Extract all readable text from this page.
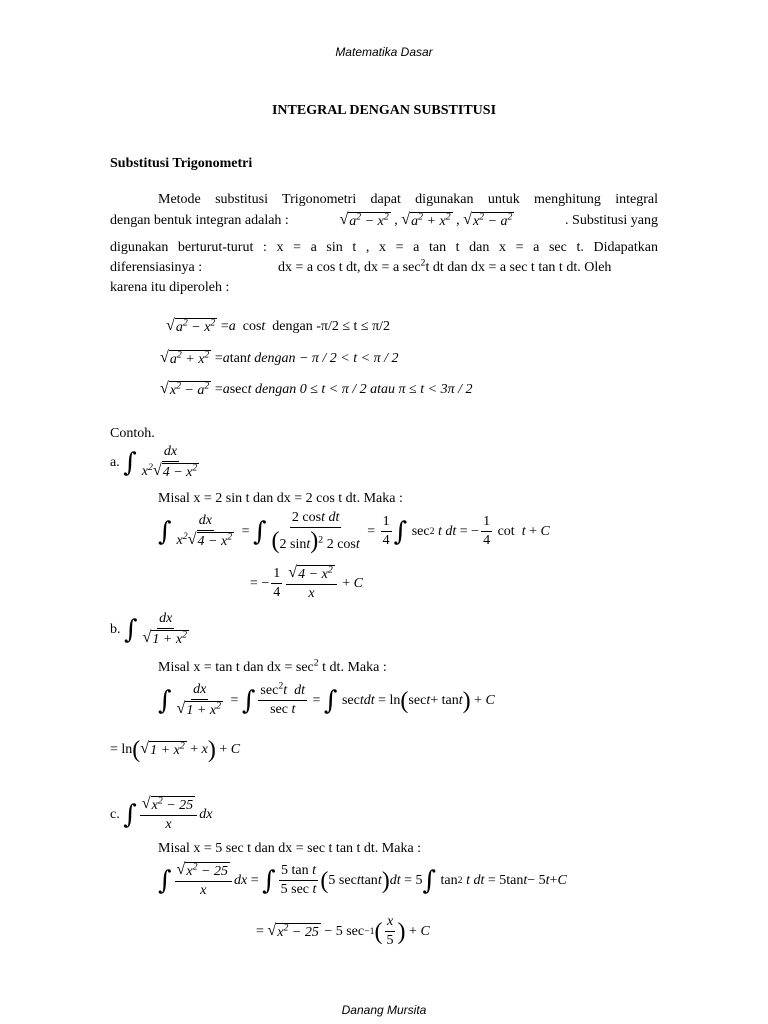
Matematika Dasar
INTEGRAL DENGAN SUBSTITUSI
Substitusi Trigonometri
Metode substitusi Trigonometri dapat digunakan untuk menghitung integral
dengan bentuk integran adalah :	√ $a^2 - x^2$ , √ $a^2 + x^2$ , √ $x^2 - a^2$	. Substitusi yang
digunakan berturut-turut : x = a sin t , x = a tan t dan x = a sec t. Didapatkan
diferensiasinya :	dx = a cos t dt, dx = a $\sec^2t$ dt dan dx = a sec t tan t dt. Oleh
karena itu diperoleh :
√ $a^2 - x^2 = a$ cos t dengan -π/2 ≤ t ≤ π/2
√ $a^2 + x^2 = a$ tan t dengan − π / 2 < t < π / 2
√ $x^2 - a^2 = a$ sec t dengan 0 ≤ t < π / 2 atau π ≤ t < 3π / 2
Contoh.
a.
∫ $\frac{dx}{x^2 √ 4 - x^2}$
Misal x = 2 sin t dan dx = 2 cos t dt. Maka :
∫ $\frac{dx}{x^2 √ 4 - x^2}$ = ∫ $\frac{\text{2 cost dt}}{(2 \sin t)^2 2 \cos t} = \frac{1}{4}$ ∫ sec 2
t dt = − $\frac{1}{4}$ cot t + C
= − $\frac{1}{4} \frac{√ 4 - x^2}{x} + C$
b.
∫ $\frac{dx}{√ 1 + x^2}$
Misal x = tan t dan dx = $\sec^2 t$ dt. Maka :
∫ $\frac{dx}{√ 1 + x^2}$ = ∫ $\frac{\sec^2t dt}{\text{sec t}}$ = ∫ sec t dt = ln ( sec t + tan t ) + C
= ln ( √ $1 + x^2 + x$ ) + C
c.
∫ $\frac{√ x^2 - 25}{x}$ dx
Misal x = 5 sec t dan dx = sec t tan t dt. Maka :
∫ $\frac{√ x^2 - 25}{x}$ dx = ∫ $\frac{\text{5 tan t}}{\text{5 sec t}}$ ( 5 sec t tan t ) dt = 5 ∫ tan 2
t dt = 5tan t − 5 t + C
= √ $x^2 - 25 - 5$ sec −1 ( $\frac{x}{5}$ ) + C
Danang Mursita
